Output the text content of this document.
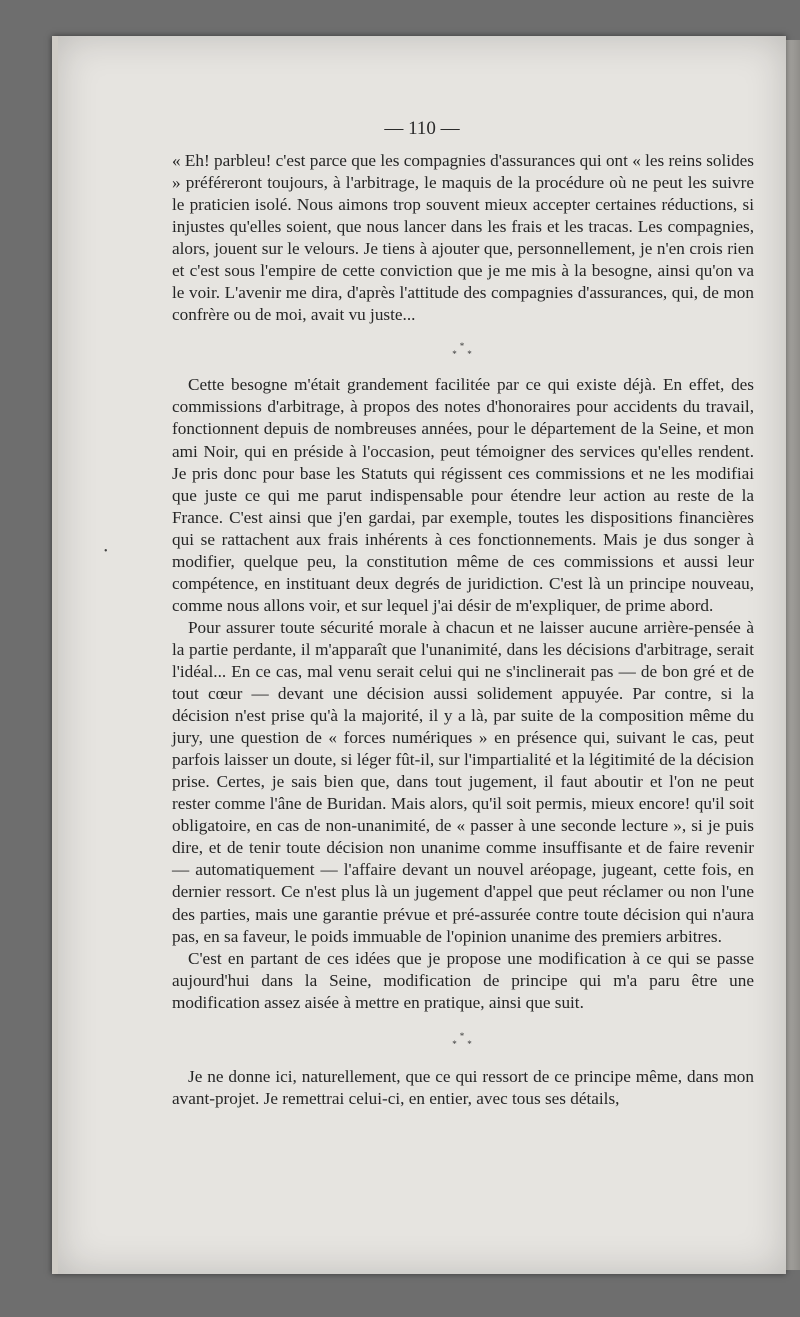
— 110 —

« Eh! parbleu! c'est parce que les compagnies d'assurances qui ont « les reins solides » préféreront toujours, à l'arbitrage, le maquis de la procédure où ne peut les suivre le praticien isolé. Nous aimons trop souvent mieux accepter certaines réductions, si injustes qu'elles soient, que nous lancer dans les frais et les tracas. Les compagnies, alors, jouent sur le velours. Je tiens à ajouter que, personnellement, je n'en crois rien et c'est sous l'empire de cette conviction que je me mis à la besogne, ainsi qu'on va le voir. L'avenir me dira, d'après l'attitude des compagnies d'assurances, qui, de mon confrère ou de moi, avait vu juste...

*
*  *

Cette besogne m'était grandement facilitée par ce qui existe déjà. En effet, des commissions d'arbitrage, à propos des notes d'honoraires pour accidents du travail, fonctionnent depuis de nombreuses années, pour le département de la Seine, et mon ami Noir, qui en préside à l'occasion, peut témoigner des services qu'elles rendent. Je pris donc pour base les Statuts qui régissent ces commissions et ne les modifiai que juste ce qui me parut indispensable pour étendre leur action au reste de la France. C'est ainsi que j'en gardai, par exemple, toutes les dispositions financières qui se rattachent aux frais inhérents à ces fonctionnements. Mais je dus songer à modifier, quelque peu, la constitution même de ces commissions et aussi leur compétence, en instituant deux degrés de juridiction. C'est là un principe nouveau, comme nous allons voir, et sur lequel j'ai désir de m'expliquer, de prime abord.

Pour assurer toute sécurité morale à chacun et ne laisser aucune arrière-pensée à la partie perdante, il m'apparaît que l'unanimité, dans les décisions d'arbitrage, serait l'idéal... En ce cas, mal venu serait celui qui ne s'inclinerait pas — de bon gré et de tout cœur — devant une décision aussi solidement appuyée. Par contre, si la décision n'est prise qu'à la majorité, il y a là, par suite de la composition même du jury, une question de « forces numériques » en présence qui, suivant le cas, peut parfois laisser un doute, si léger fût-il, sur l'impartialité et la légitimité de la décision prise. Certes, je sais bien que, dans tout jugement, il faut aboutir et l'on ne peut rester comme l'âne de Buridan. Mais alors, qu'il soit permis, mieux encore! qu'il soit obligatoire, en cas de non-unanimité, de « passer à une seconde lecture », si je puis dire, et de tenir toute décision non unanime comme insuffisante et de faire revenir — automatiquement — l'affaire devant un nouvel aréopage, jugeant, cette fois, en dernier ressort. Ce n'est plus là un jugement d'appel que peut réclamer ou non l'une des parties, mais une garantie prévue et pré-assurée contre toute décision qui n'aura pas, en sa faveur, le poids immuable de l'opinion unanime des premiers arbitres.

C'est en partant de ces idées que je propose une modification à ce qui se passe aujourd'hui dans la Seine, modification de principe qui m'a paru être une modification assez aisée à mettre en pratique, ainsi que suit.

*
*  *

Je ne donne ici, naturellement, que ce qui ressort de ce principe même, dans mon avant-projet. Je remettrai celui-ci, en entier, avec tous ses détails,

•
